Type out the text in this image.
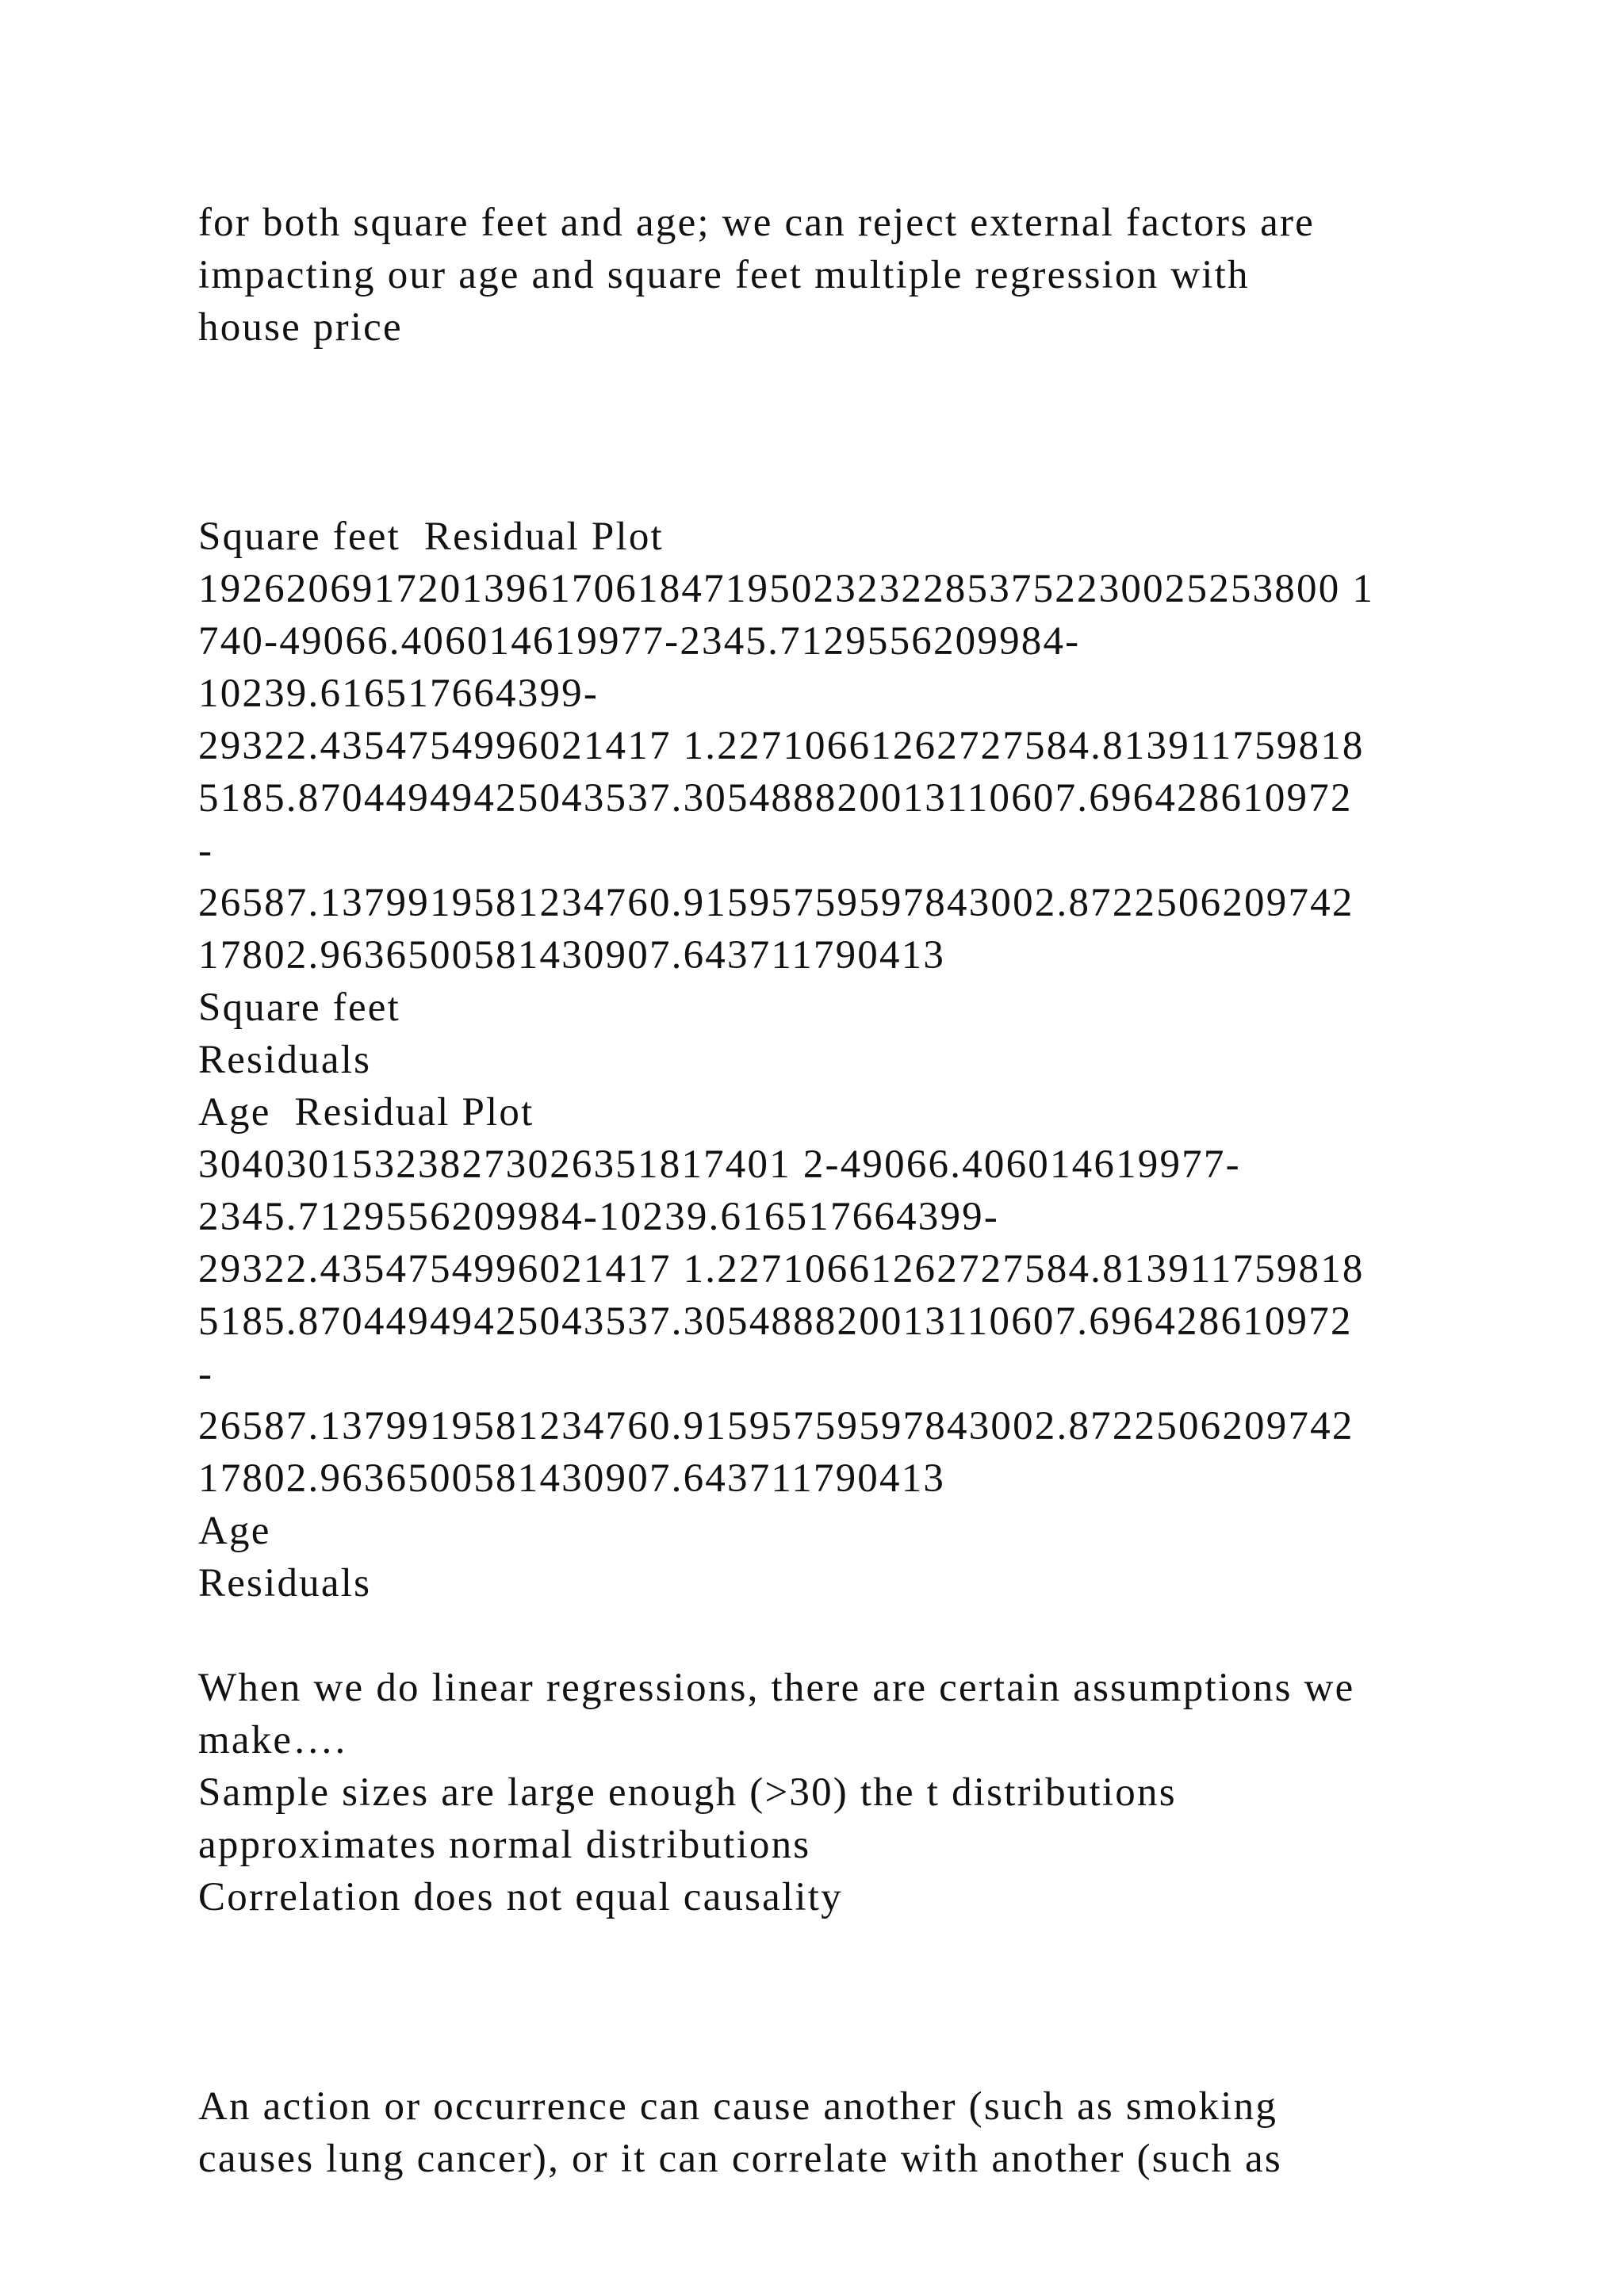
for both square feet and age; we can reject external factors are
impacting our age and square feet multiple regression with
house price
Square feet  Residual Plot
1926206917201396170618471950232322853752230025253800 1
740-49066.406014619977-2345.7129556209984-
10239.616517664399-
29322.4354754996021417 1.22710661262727584.813911759818
5185.87044949425043537.305488820013110607.696428610972
-
26587.1379919581234760.91595759597843002.8722506209742
17802.9636500581430907.643711790413
Square feet
Residuals
Age  Residual Plot
304030153238273026351817401 2-49066.406014619977-
2345.7129556209984-10239.616517664399-
29322.4354754996021417 1.22710661262727584.813911759818
5185.87044949425043537.305488820013110607.696428610972
-
26587.1379919581234760.91595759597843002.8722506209742
17802.9636500581430907.643711790413
Age
Residuals
When we do linear regressions, there are certain assumptions we
make….
Sample sizes are large enough (>30) the t distributions
approximates normal distributions
Correlation does not equal causality
An action or occurrence can cause another (such as smoking
causes lung cancer), or it can correlate with another (such as
